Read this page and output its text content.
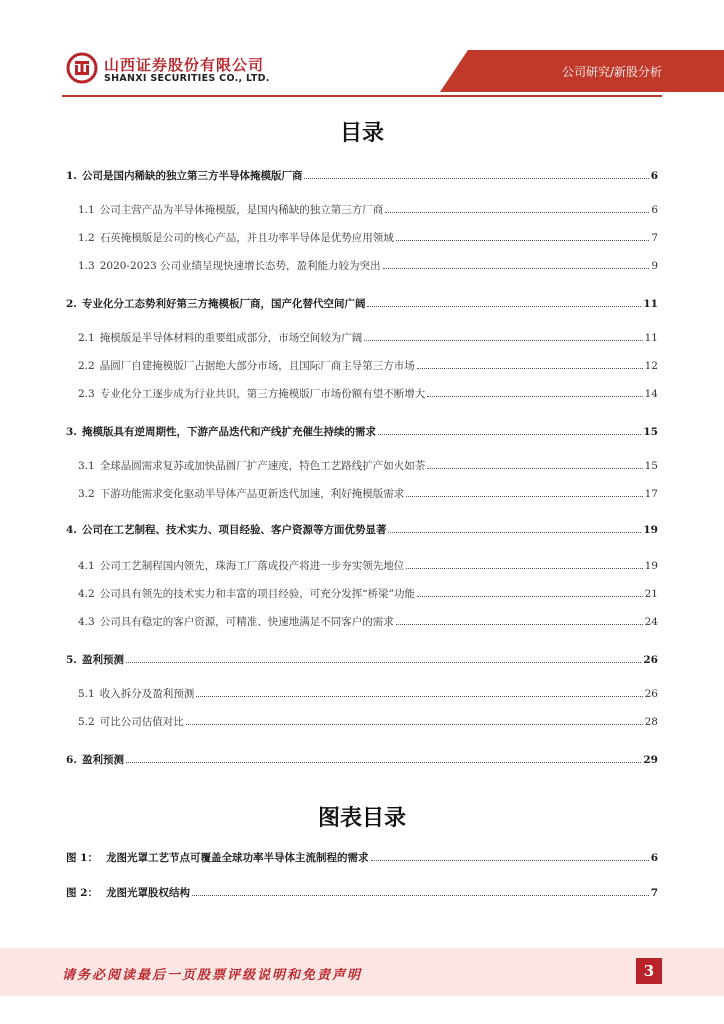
山西证券股份有限公司
SHANXI SECURITIES CO., LTD.	公司研究/新股分析
目录
1. 公司是国内稀缺的独立第三方半导体掩模版厂商	6
1.1 公司主营产品为半导体掩模版，是国内稀缺的独立第三方厂商	6
1.2 石英掩模版是公司的核心产品，并且功率半导体是优势应用领域	7
1.3 2020-2023 公司业绩呈现快速增长态势，盈利能力较为突出	9
2. 专业化分工态势利好第三方掩模板厂商，国产化替代空间广阔	11
2.1 掩模版是半导体材料的重要组成部分，市场空间较为广阔	11
2.2 晶圆厂自建掩模版厂占据绝大部分市场，且国际厂商主导第三方市场	12
2.3 专业化分工逐步成为行业共识，第三方掩模版厂市场份额有望不断增大	14
3. 掩模版具有逆周期性，下游产品迭代和产线扩充催生持续的需求	15
3.1 全球晶圆需求复苏或加快晶圆厂扩产速度，特色工艺路线扩产如火如荼	15
3.2 下游功能需求变化驱动半导体产品更新迭代加速，利好掩模版需求	17
4. 公司在工艺制程、技术实力、项目经验、客户资源等方面优势显著	19
4.1 公司工艺制程国内领先，珠海工厂落成投产将进一步夯实领先地位	19
4.2 公司具有领先的技术实力和丰富的项目经验，可充分发挥“桥梁”功能	21
4.3 公司具有稳定的客户资源，可精准、快速地满足不同客户的需求	24
5. 盈利预测	26
5.1 收入拆分及盈利预测	26
5.2 可比公司估值对比	28
6. 盈利预测	29
图表目录
图 1： 龙图光罩工艺节点可覆盖全球功率半导体主流制程的需求	6
图 2： 龙图光罩股权结构	7
请务必阅读最后一页股票评级说明和免责声明	3
